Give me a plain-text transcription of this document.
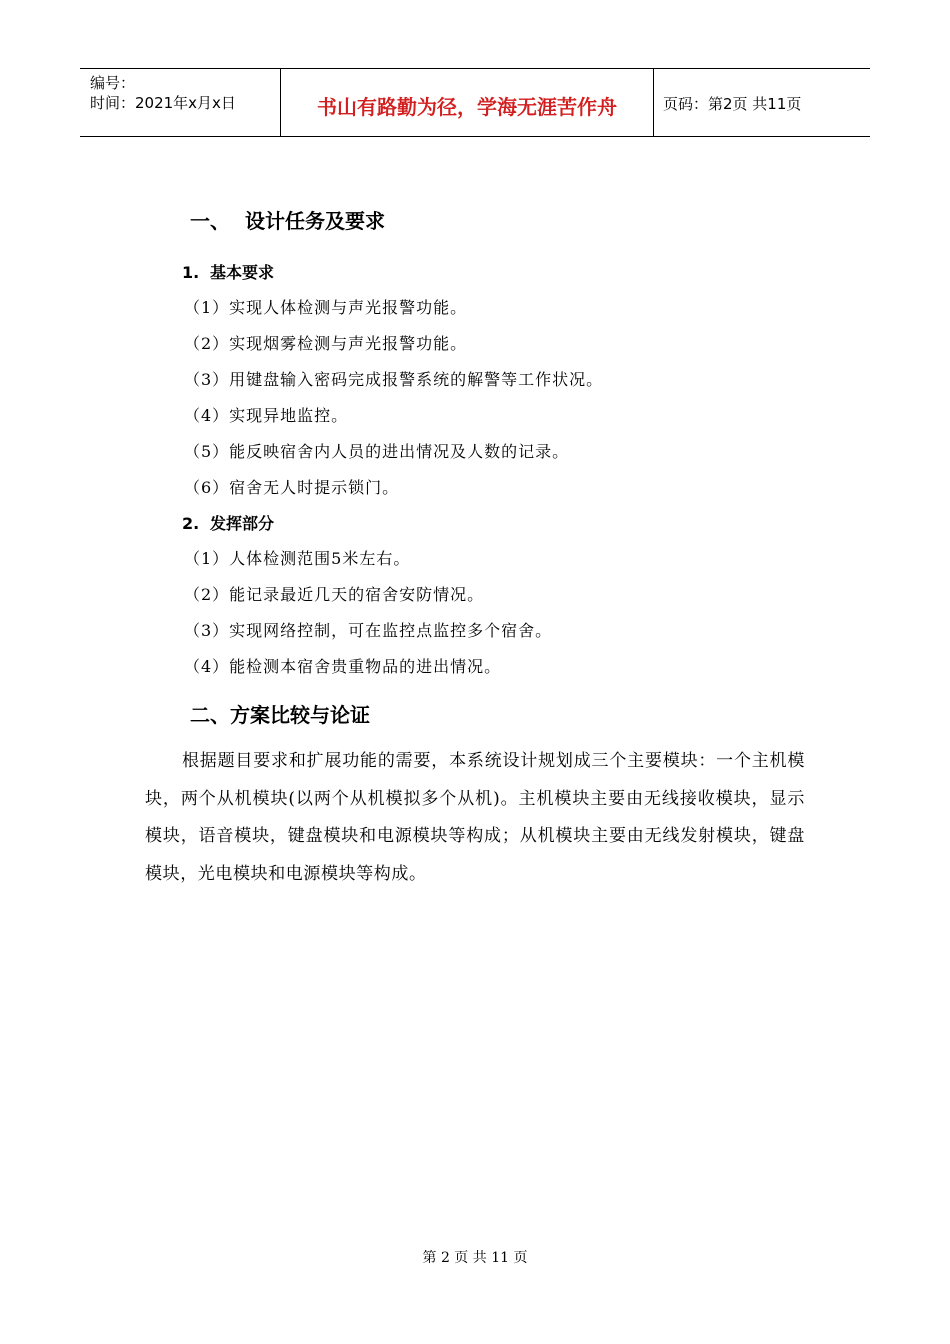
编号：
时间：2021年x月x日	书山有路勤为径，学海无涯苦作舟	页码：第2页 共11页
一、 设计任务及要求
1. 基本要求
（1）实现人体检测与声光报警功能。
（2）实现烟雾检测与声光报警功能。
（3）用键盘输入密码完成报警系统的解警等工作状况。
（4）实现异地监控。
（5）能反映宿舍内人员的进出情况及人数的记录。
（6）宿舍无人时提示锁门。
2. 发挥部分
（1）人体检测范围5米左右。
（2）能记录最近几天的宿舍安防情况。
（3）实现网络控制，可在监控点监控多个宿舍。
（4）能检测本宿舍贵重物品的进出情况。
二、方案比较与论证
根据题目要求和扩展功能的需要，本系统设计规划成三个主要模块：一个主机模块，两个从机模块(以两个从机模拟多个从机)。主机模块主要由无线接收模块，显示模块，语音模块，键盘模块和电源模块等构成；从机模块主要由无线发射模块，键盘模块，光电模块和电源模块等构成。
第 2 页 共 11 页
